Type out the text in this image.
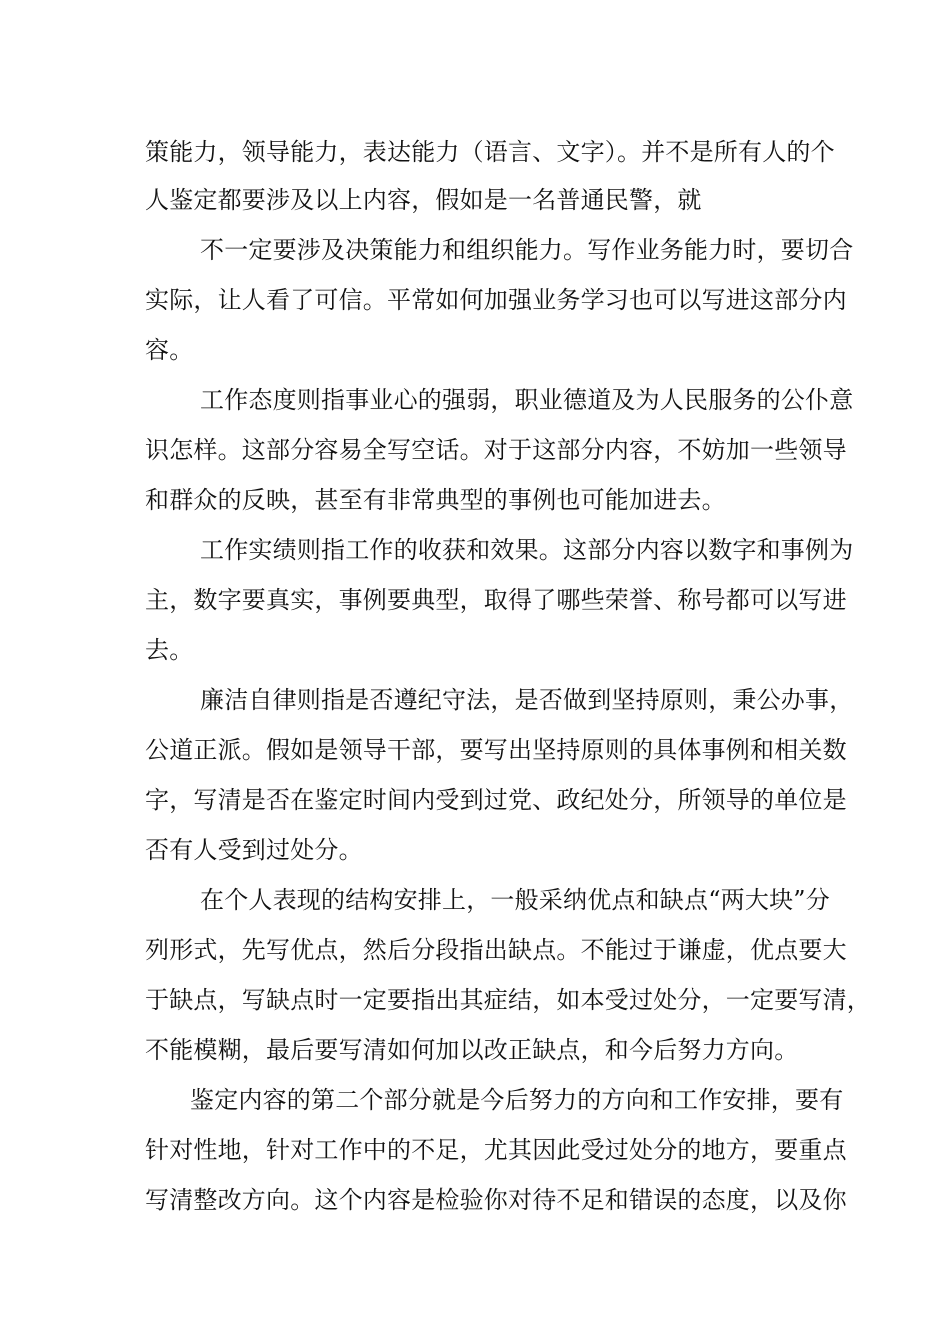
策能力，领导能力，表达能力（语言、文字）。并不是所有人的个
人鉴定都要涉及以上内容，假如是一名普通民警，就
不一定要涉及决策能力和组织能力。写作业务能力时，要切合
实际，让人看了可信。平常如何加强业务学习也可以写进这部分内
容。
工作态度则指事业心的强弱，职业德道及为人民服务的公仆意
识怎样。这部分容易全写空话。对于这部分内容，不妨加一些领导
和群众的反映，甚至有非常典型的事例也可能加进去。
工作实绩则指工作的收获和效果。这部分内容以数字和事例为
主，数字要真实，事例要典型，取得了哪些荣誉、称号都可以写进
去。
廉洁自律则指是否遵纪守法，是否做到坚持原则，秉公办事，
公道正派。假如是领导干部，要写出坚持原则的具体事例和相关数
字，写清是否在鉴定时间内受到过党、政纪处分，所领导的单位是
否有人受到过处分。
在个人表现的结构安排上，一般采纳优点和缺点“两大块”分
列形式，先写优点，然后分段指出缺点。不能过于谦虚，优点要大
于缺点，写缺点时一定要指出其症结，如本受过处分，一定要写清，
不能模糊，最后要写清如何加以改正缺点，和今后努力方向。
鉴定内容的第二个部分就是今后努力的方向和工作安排，要有
针对性地，针对工作中的不足，尤其因此受过处分的地方，要重点
写清整改方向。这个内容是检验你对待不足和错误的态度，以及你
